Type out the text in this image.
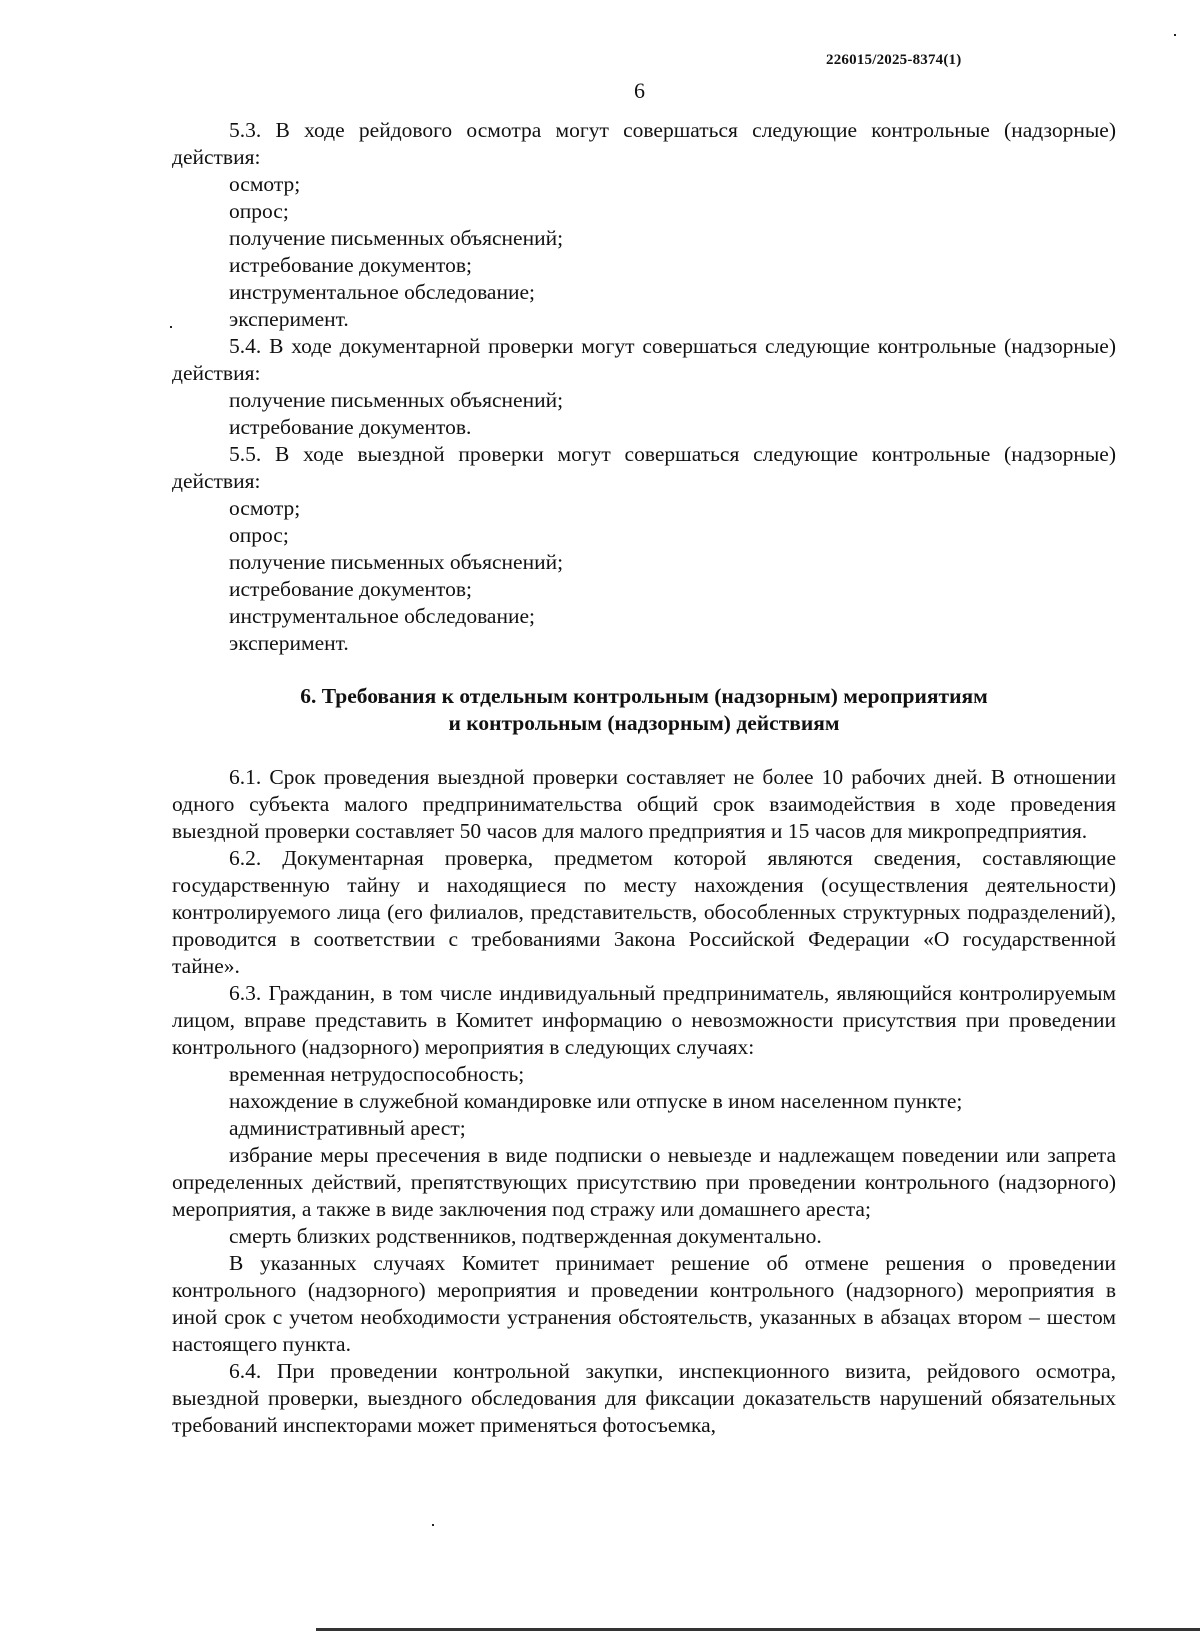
226015/2025-8374(1)
6

5.3. В ходе рейдового осмотра могут совершаться следующие контрольные (надзорные) действия:

осмотр;

опрос;

получение письменных объяснений;

истребование документов;

инструментальное обследование;

эксперимент.

5.4. В ходе документарной проверки могут совершаться следующие контрольные (надзорные) действия:

получение письменных объяснений;

истребование документов.

5.5. В ходе выездной проверки могут совершаться следующие контрольные (надзорные) действия:

осмотр;

опрос;

получение письменных объяснений;

истребование документов;

инструментальное обследование;

эксперимент.

6. Требования к отдельным контрольным (надзорным) мероприятиям
и контрольным (надзорным) действиям

6.1. Срок проведения выездной проверки составляет не более 10 рабочих дней. В отношении одного субъекта малого предпринимательства общий срок взаимодействия в ходе проведения выездной проверки составляет 50 часов для малого предприятия и 15 часов для микропредприятия.

6.2. Документарная проверка, предметом которой являются сведения, составляющие государственную тайну и находящиеся по месту нахождения (осуществления деятельности) контролируемого лица (его филиалов, представительств, обособленных структурных подразделений), проводится в соответствии с требованиями Закона Российской Федерации «О государственной тайне».

6.3. Гражданин, в том числе индивидуальный предприниматель, являющийся контролируемым лицом, вправе представить в Комитет информацию о невозможности присутствия при проведении контрольного (надзорного) мероприятия в следующих случаях:

временная нетрудоспособность;

нахождение в служебной командировке или отпуске в ином населенном пункте;

административный арест;

избрание меры пресечения в виде подписки о невыезде и надлежащем поведении или запрета определенных действий, препятствующих присутствию при проведении контрольного (надзорного) мероприятия, а также в виде заключения под стражу или домашнего ареста;

смерть близких родственников, подтвержденная документально.

В указанных случаях Комитет принимает решение об отмене решения о проведении контрольного (надзорного) мероприятия и проведении контрольного (надзорного) мероприятия в иной срок с учетом необходимости устранения обстоятельств, указанных в абзацах втором – шестом настоящего пункта.

6.4. При проведении контрольной закупки, инспекционного визита, рейдового осмотра, выездной проверки, выездного обследования для фиксации доказательств нарушений обязательных требований инспекторами может применяться фотосъемка,
